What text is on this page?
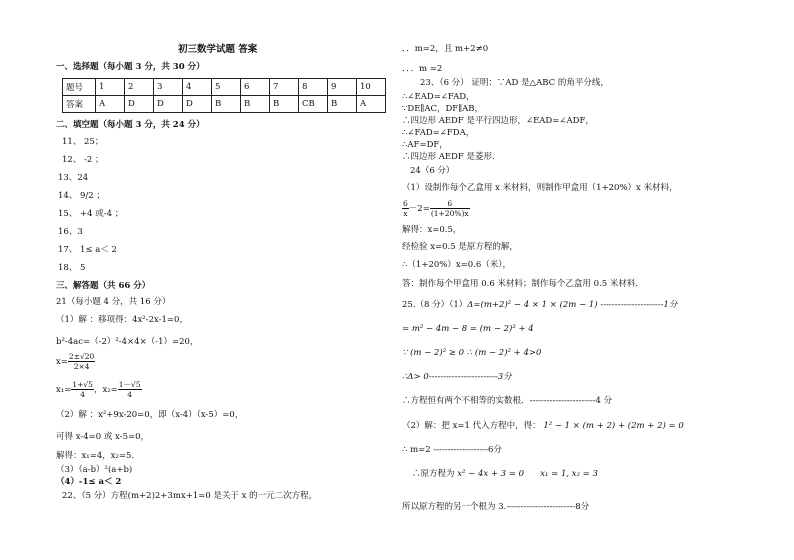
初三数学试题 答案
一、选择题（每小题 3 分，共 30 分）
题号	1	2	3	4	5	6	7	8	9	10
答案	A	D	D	D	B	B	B	CB	B	A
二、填空题（每小题 3 分，共 24 分）
11、 25；
12、 -2 ；
13、24
14、 9/2 ；
15、 +4 或-4 ；
16、3
17、 1≤ a＜ 2
18、 5
三、解答题（共 66 分）
21（每小题 4 分，共 16 分）
（1）解 ：移项得：4x²-2x-1=0，
b²-4ac=（-2）²-4×4×（-1）=20，
$x= \frac{2\pm√20}{2\times 4}$
$x_1= \frac{1+√5}{4}$ ，$x_2= \frac{1-√5}{4}$
（2）解 ：x²+9x-20=0，即（x-4）（x-5）=0，
可得 x-4=0 或 x-5=0，
解得：x₁=4，x₂=5．
（3）（a-b）²(a+b)
（4）-1≤ a＜ 2
22、（5 分）方程(m+2)2+3mx+1=0 是关于 x 的一元二次方程，
．．m=2，且 m+2≠0
．．．m =2
23、（6 分） 证明：∵AD 是△ABC 的角平分线，
∴∠EAD=∠FAD，
∵DE∥AC，DF∥AB，
∴四边形 AEDF 是平行四边形，∠EAD=∠ADF，
∴∠FAD=∠FDA，
∴AF=DF，
∴四边形 AEDF 是菱形．
24（6 分）
（1）设制作每个乙盒用 x 米材料，则制作甲盒用（1+20%）x 米材料，
$\frac{6}{x} -2= \frac{6}{(1+20\%)x}$
解得：x=0.5，
经检验 x=0.5 是原方程的解，
∴（1+20%）x=0.6（米），
答：制作每个甲盒用 0.6 米材料；制作每个乙盒用 0.5 米材料．
25.（8 分）（1）Δ=(m+2)² − 4 × 1 × (2m − 1) ----------------------1分
= m² − 4m − 8 = (m − 2)² + 4
∵ (m − 2)² ≥ 0 ∴ (m − 2)² + 4>0
∴Δ> 0------------------------3分
∴方程恒有两个不相等的实数根．-----------------------4 分
（2）解：把 x=1 代入方程中，得： 1² − 1 × (m + 2) + (2m + 2) = 0
∴ m=2 -------------------6分
∴原方程为 x² − 4x + 3 = 0 x₁ = 1, x₂ = 3
所以原方程的另一个根为 3.------------------------8分
